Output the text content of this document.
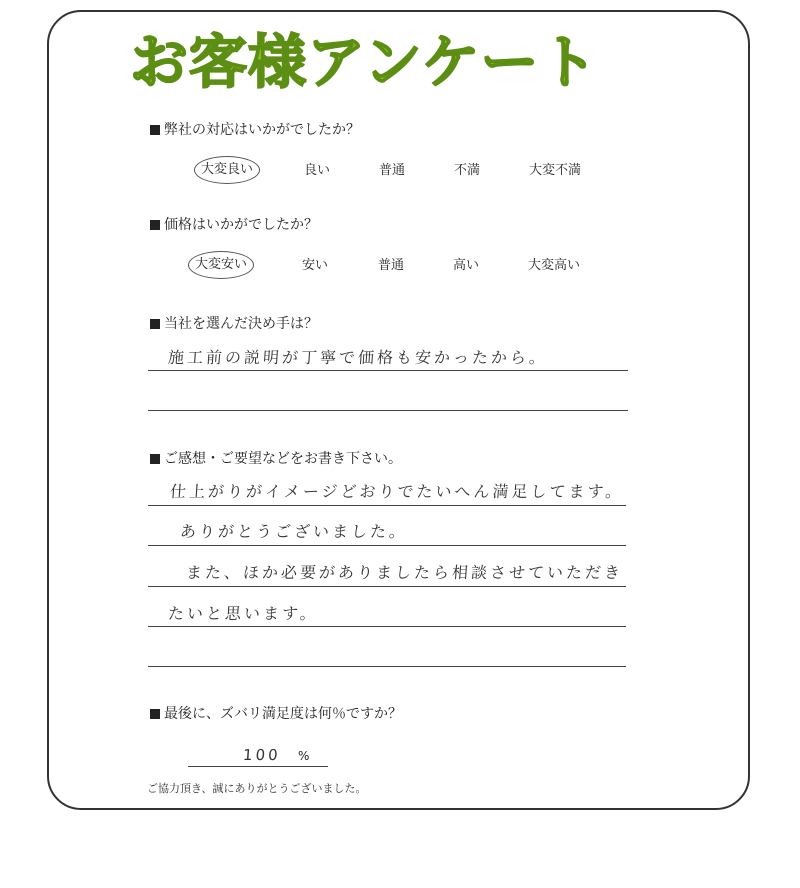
お客様アンケート
弊社の対応はいかがでしたか？
大変良い	良い	普通	不満	大変不満
価格はいかがでしたか？
大変安い	安い	普通	高い	大変高い
当社を選んだ決め手は？
施工前の説明が丁寧で価格も安かったから。
ご感想・ご要望などをお書き下さい。
仕上がりがイメージどおりでたいへん満足してます。
ありがとうございました。
また、ほか必要がありましたら相談させていただき
たいと思います。
最後に、ズバリ満足度は何％ですか？
100 %
ご協力頂き、誠にありがとうございました。
